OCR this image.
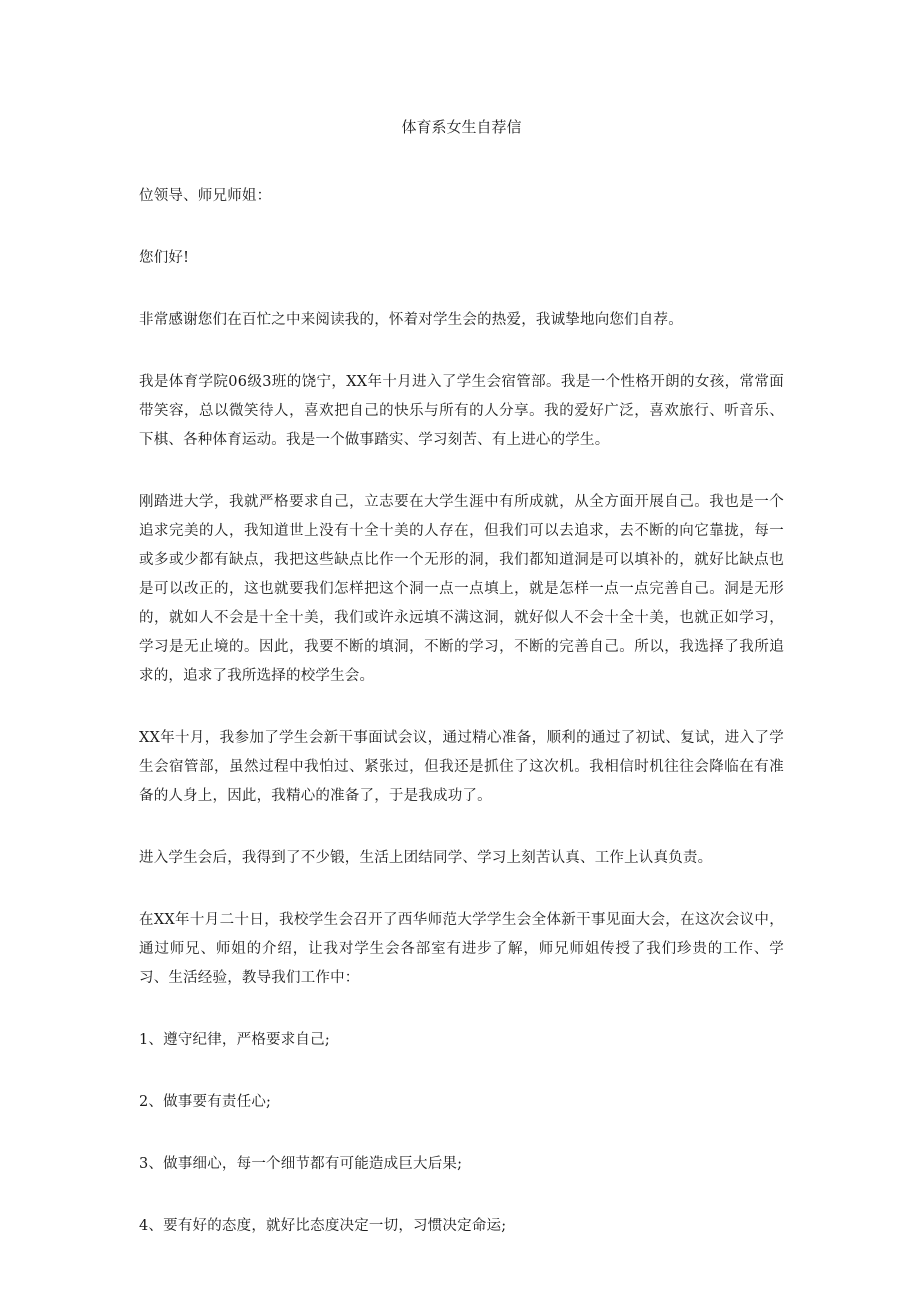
体育系女生自荐信

位领导、师兄师姐：

您们好!

非常感谢您们在百忙之中来阅读我的，怀着对学生会的热爱，我诚挚地向您们自荐。

我是体育学院06级3班的饶宁，XX年十月进入了学生会宿管部。我是一个性格开朗的女孩，常常面带笑容，总以微笑待人，喜欢把自己的快乐与所有的人分享。我的爱好广泛，喜欢旅行、听音乐、下棋、各种体育运动。我是一个做事踏实、学习刻苦、有上进心的学生。

刚踏进大学，我就严格要求自己，立志要在大学生涯中有所成就，从全方面开展自己。我也是一个追求完美的人，我知道世上没有十全十美的人存在，但我们可以去追求，去不断的向它靠拢，每一或多或少都有缺点，我把这些缺点比作一个无形的洞，我们都知道洞是可以填补的，就好比缺点也是可以改正的，这也就要我们怎样把这个洞一点一点填上，就是怎样一点一点完善自己。洞是无形的，就如人不会是十全十美，我们或许永远填不满这洞，就好似人不会十全十美，也就正如学习，学习是无止境的。因此，我要不断的填洞，不断的学习，不断的完善自己。所以，我选择了我所追求的，追求了我所选择的校学生会。

XX年十月，我参加了学生会新干事面试会议，通过精心准备，顺利的通过了初试、复试，进入了学生会宿管部，虽然过程中我怕过、紧张过，但我还是抓住了这次机。我相信时机往往会降临在有准备的人身上，因此，我精心的准备了，于是我成功了。

进入学生会后，我得到了不少锻，生活上团结同学、学习上刻苦认真、工作上认真负责。

在XX年十月二十日，我校学生会召开了西华师范大学学生会全体新干事见面大会，在这次会议中，通过师兄、师姐的介绍，让我对学生会各部室有进步了解，师兄师姐传授了我们珍贵的工作、学习、生活经验，教导我们工作中：

1、遵守纪律，严格要求自己;

2、做事要有责任心;

3、做事细心，每一个细节都有可能造成巨大后果;

4、要有好的态度，就好比态度决定一切，习惯决定命运;
